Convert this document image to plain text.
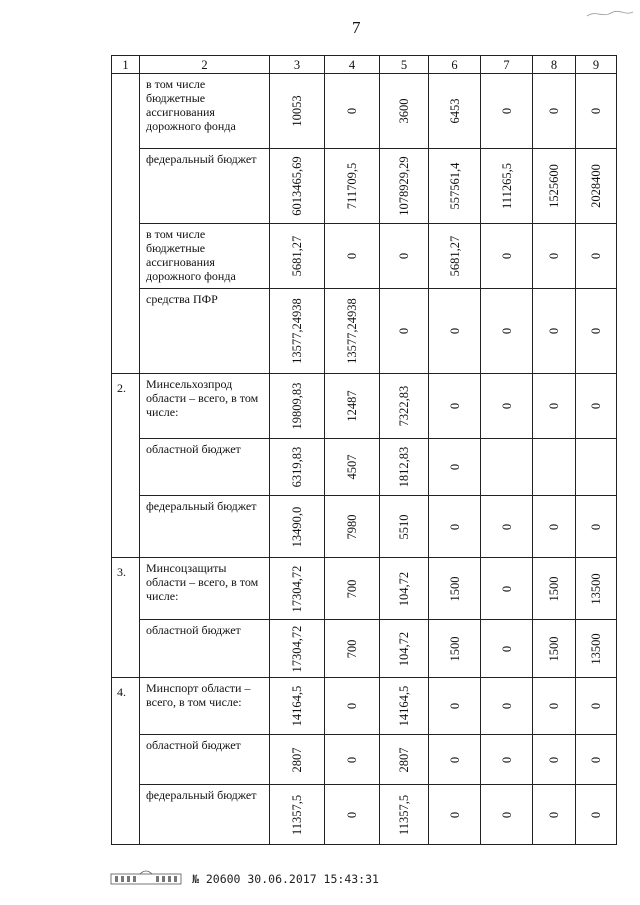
7
1	2	3	4	5	6	7	8	9
	в том числе бюджетные ассигнования дорожного фонда	10053	0	3600	6453	0	0	0

	федеральный бюджет	6013465,69	711709,5	1078929,29	557561,4	111265,5	1525600	2028400

	в том числе бюджетные ассигнования дорожного фонда	5681,27	0	0	5681,27	0	0	0

	средства ПФР	13577,24938	13577,24938	0	0	0	0	0

2.	Минсельхозпрод области – всего, в том числе:	19809,83	12487	7322,83	0	0	0	0

	областной бюджет	6319,83	4507	1812,83	0			

	федеральный бюджет	13490,0	7980	5510	0	0	0	0

3.	Минсоцзащиты области – всего, в том числе:	17304,72	700	104,72	1500	0	1500	13500

	областной бюджет	17304,72	700	104,72	1500	0	1500	13500

4.	Минспорт области – всего, в том числе:	14164,5	0	14164,5	0	0	0	0

	областной бюджет	2807	0	2807	0	0	0	0

	федеральный бюджет	11357,5	0	11357,5	0	0	0	0
№ 20600 30.06.2017 15:43:31
